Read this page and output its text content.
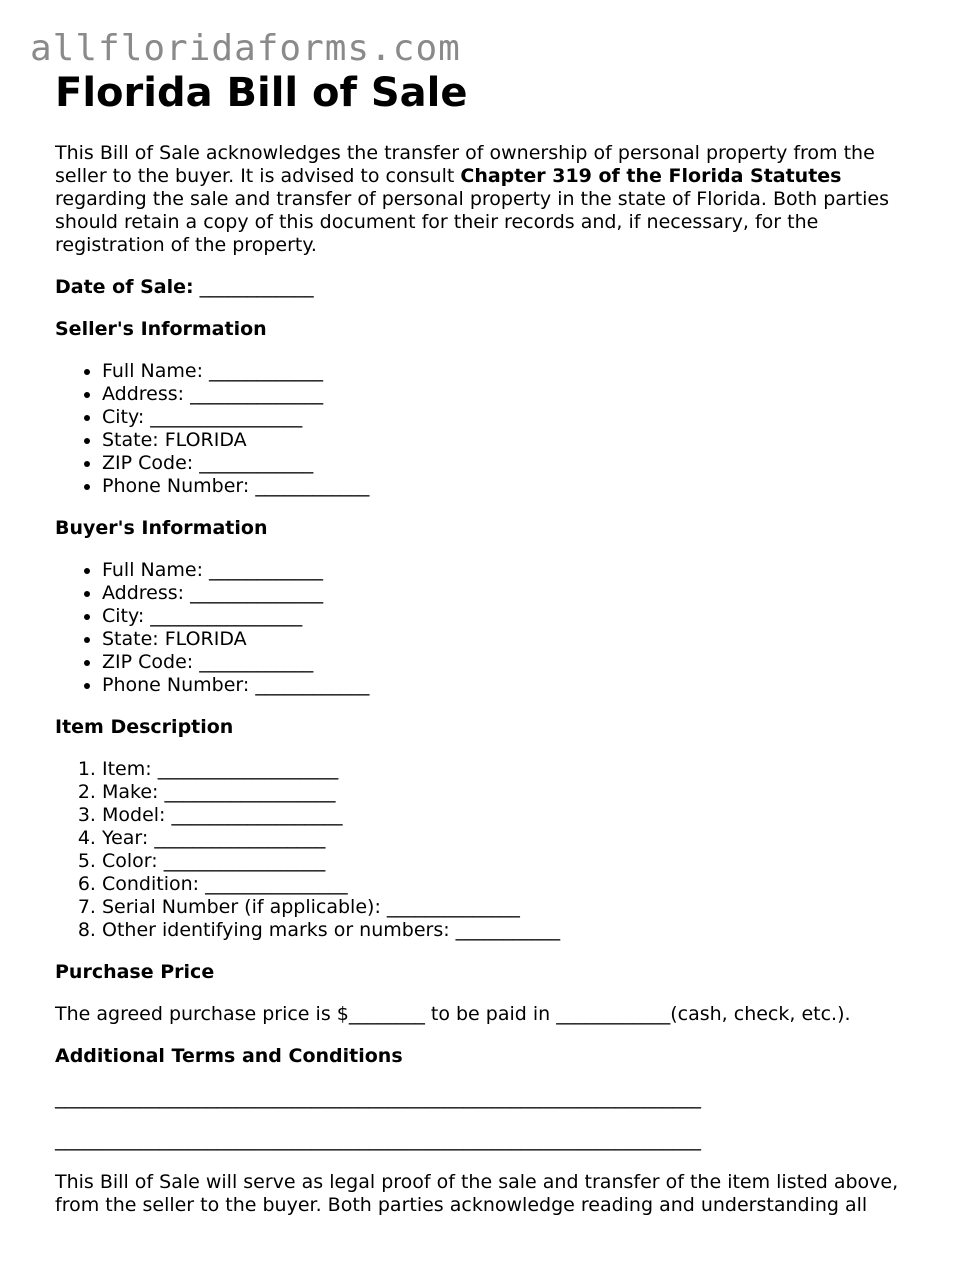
allfloridaforms.com
Florida Bill of Sale

This Bill of Sale acknowledges the transfer of ownership of personal property from the seller to the buyer. It is advised to consult Chapter 319 of the Florida Statutes regarding the sale and transfer of personal property in the state of Florida. Both parties should retain a copy of this document for their records and, if necessary, for the registration of the property.

Date of Sale: ____________
Seller's Information
• Full Name: ____________
• Address: ______________
• City: ________________
• State: FLORIDA
• ZIP Code: ____________
• Phone Number: ____________
Buyer's Information
• Full Name: ____________
• Address: ______________
• City: ________________
• State: FLORIDA
• ZIP Code: ____________
• Phone Number: ____________
Item Description
1. Item: ___________________
2. Make: __________________
3. Model: __________________
4. Year: __________________
5. Color: _________________
6. Condition: _______________
7. Serial Number (if applicable): ______________
8. Other identifying marks or numbers: ___________
Purchase Price

The agreed purchase price is $________ to be paid in ____________(cash, check, etc.).

Additional Terms and Conditions
____________________________________________________________________
____________________________________________________________________

This Bill of Sale will serve as legal proof of the sale and transfer of the item listed above, from the seller to the buyer. Both parties acknowledge reading and understanding all
